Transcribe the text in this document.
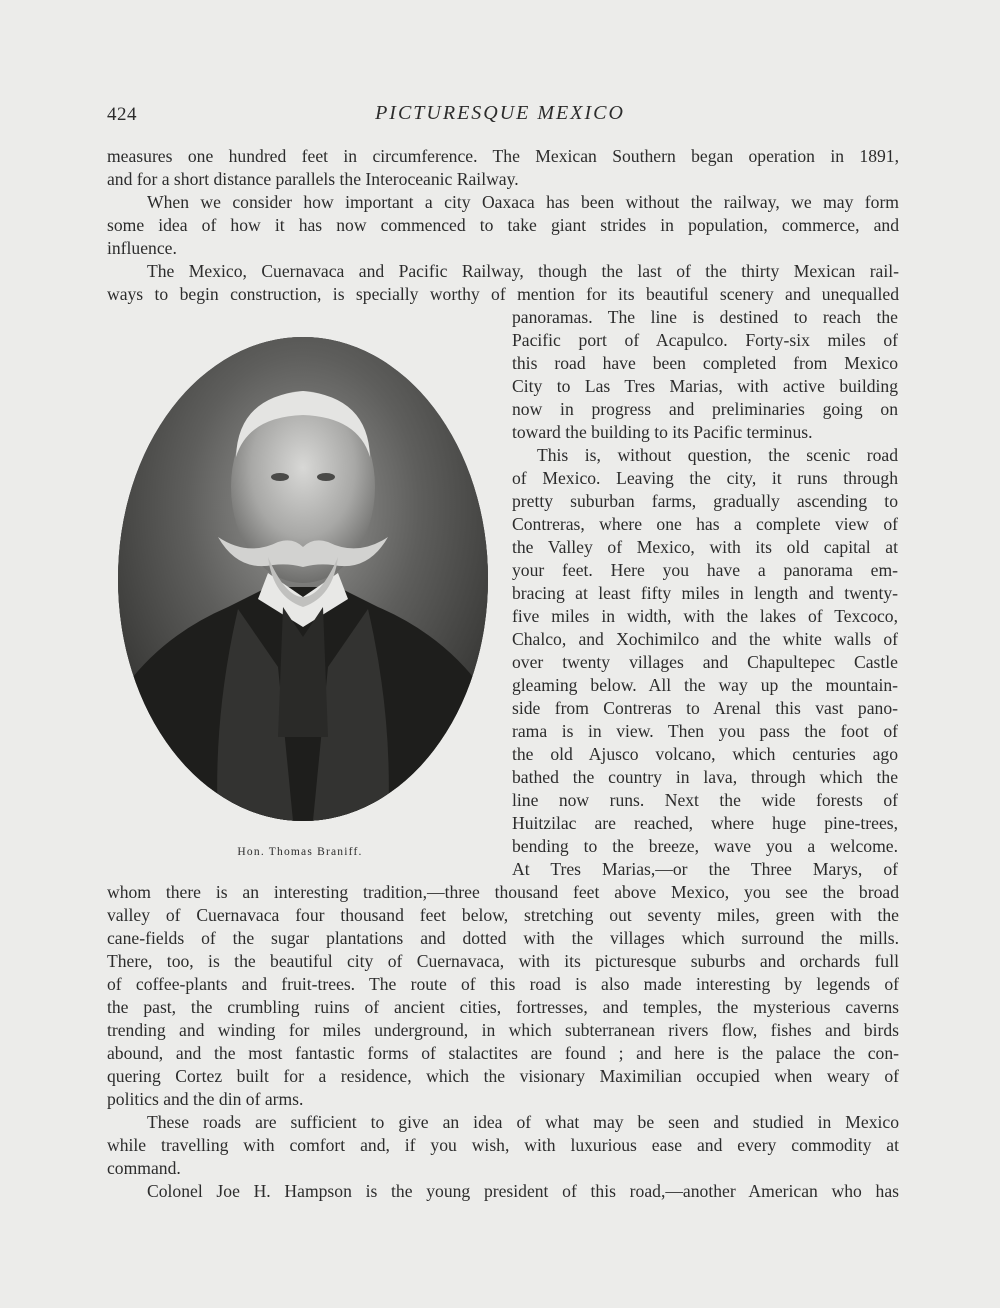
424	PICTURESQUE MEXICO
measures one hundred feet in circumference. The Mexican Southern began operation in 1891,
and for a short distance parallels the Interoceanic Railway.
When we consider how important a city Oaxaca has been without the railway, we may form
some idea of how it has now commenced to take giant strides in population, commerce, and
influence.
The Mexico, Cuernavaca and Pacific Railway, though the last of the thirty Mexican rail-
ways to begin construction, is specially worthy of mention for its beautiful scenery and unequalled
panoramas. The line is destined to reach the
Pacific port of Acapulco. Forty-six miles of
this road have been completed from Mexico
City to Las Tres Marias, with active building
now in progress and preliminaries going on
toward the building to its Pacific terminus.
This is, without question, the scenic road
of Mexico. Leaving the city, it runs through
pretty suburban farms, gradually ascending to
Contreras, where one has a complete view of
the Valley of Mexico, with its old capital at
your feet. Here you have a panorama em-
bracing at least fifty miles in length and twenty-
five miles in width, with the lakes of Texcoco,
Chalco, and Xochimilco and the white walls of
over twenty villages and Chapultepec Castle
gleaming below. All the way up the mountain-
side from Contreras to Arenal this vast pano-
rama is in view. Then you pass the foot of
the old Ajusco volcano, which centuries ago
bathed the country in lava, through which the
line now runs. Next the wide forests of
Huitzilac are reached, where huge pine-trees,
bending to the breeze, wave you a welcome.
At Tres Marias,—or the Three Marys, of
whom there is an interesting tradition,—three thousand feet above Mexico, you see the broad
valley of Cuernavaca four thousand feet below, stretching out seventy miles, green with the
cane-fields of the sugar plantations and dotted with the villages which surround the mills.
There, too, is the beautiful city of Cuernavaca, with its picturesque suburbs and orchards full
of coffee-plants and fruit-trees. The route of this road is also made interesting by legends of
the past, the crumbling ruins of ancient cities, fortresses, and temples, the mysterious caverns
trending and winding for miles underground, in which subterranean rivers flow, fishes and birds
abound, and the most fantastic forms of stalactites are found ; and here is the palace the con-
quering Cortez built for a residence, which the visionary Maximilian occupied when weary of
politics and the din of arms.
These roads are sufficient to give an idea of what may be seen and studied in Mexico
while travelling with comfort and, if you wish, with luxurious ease and every commodity at
command.
Colonel Joe H. Hampson is the young president of this road,—another American who has
Hon. Thomas Braniff.
